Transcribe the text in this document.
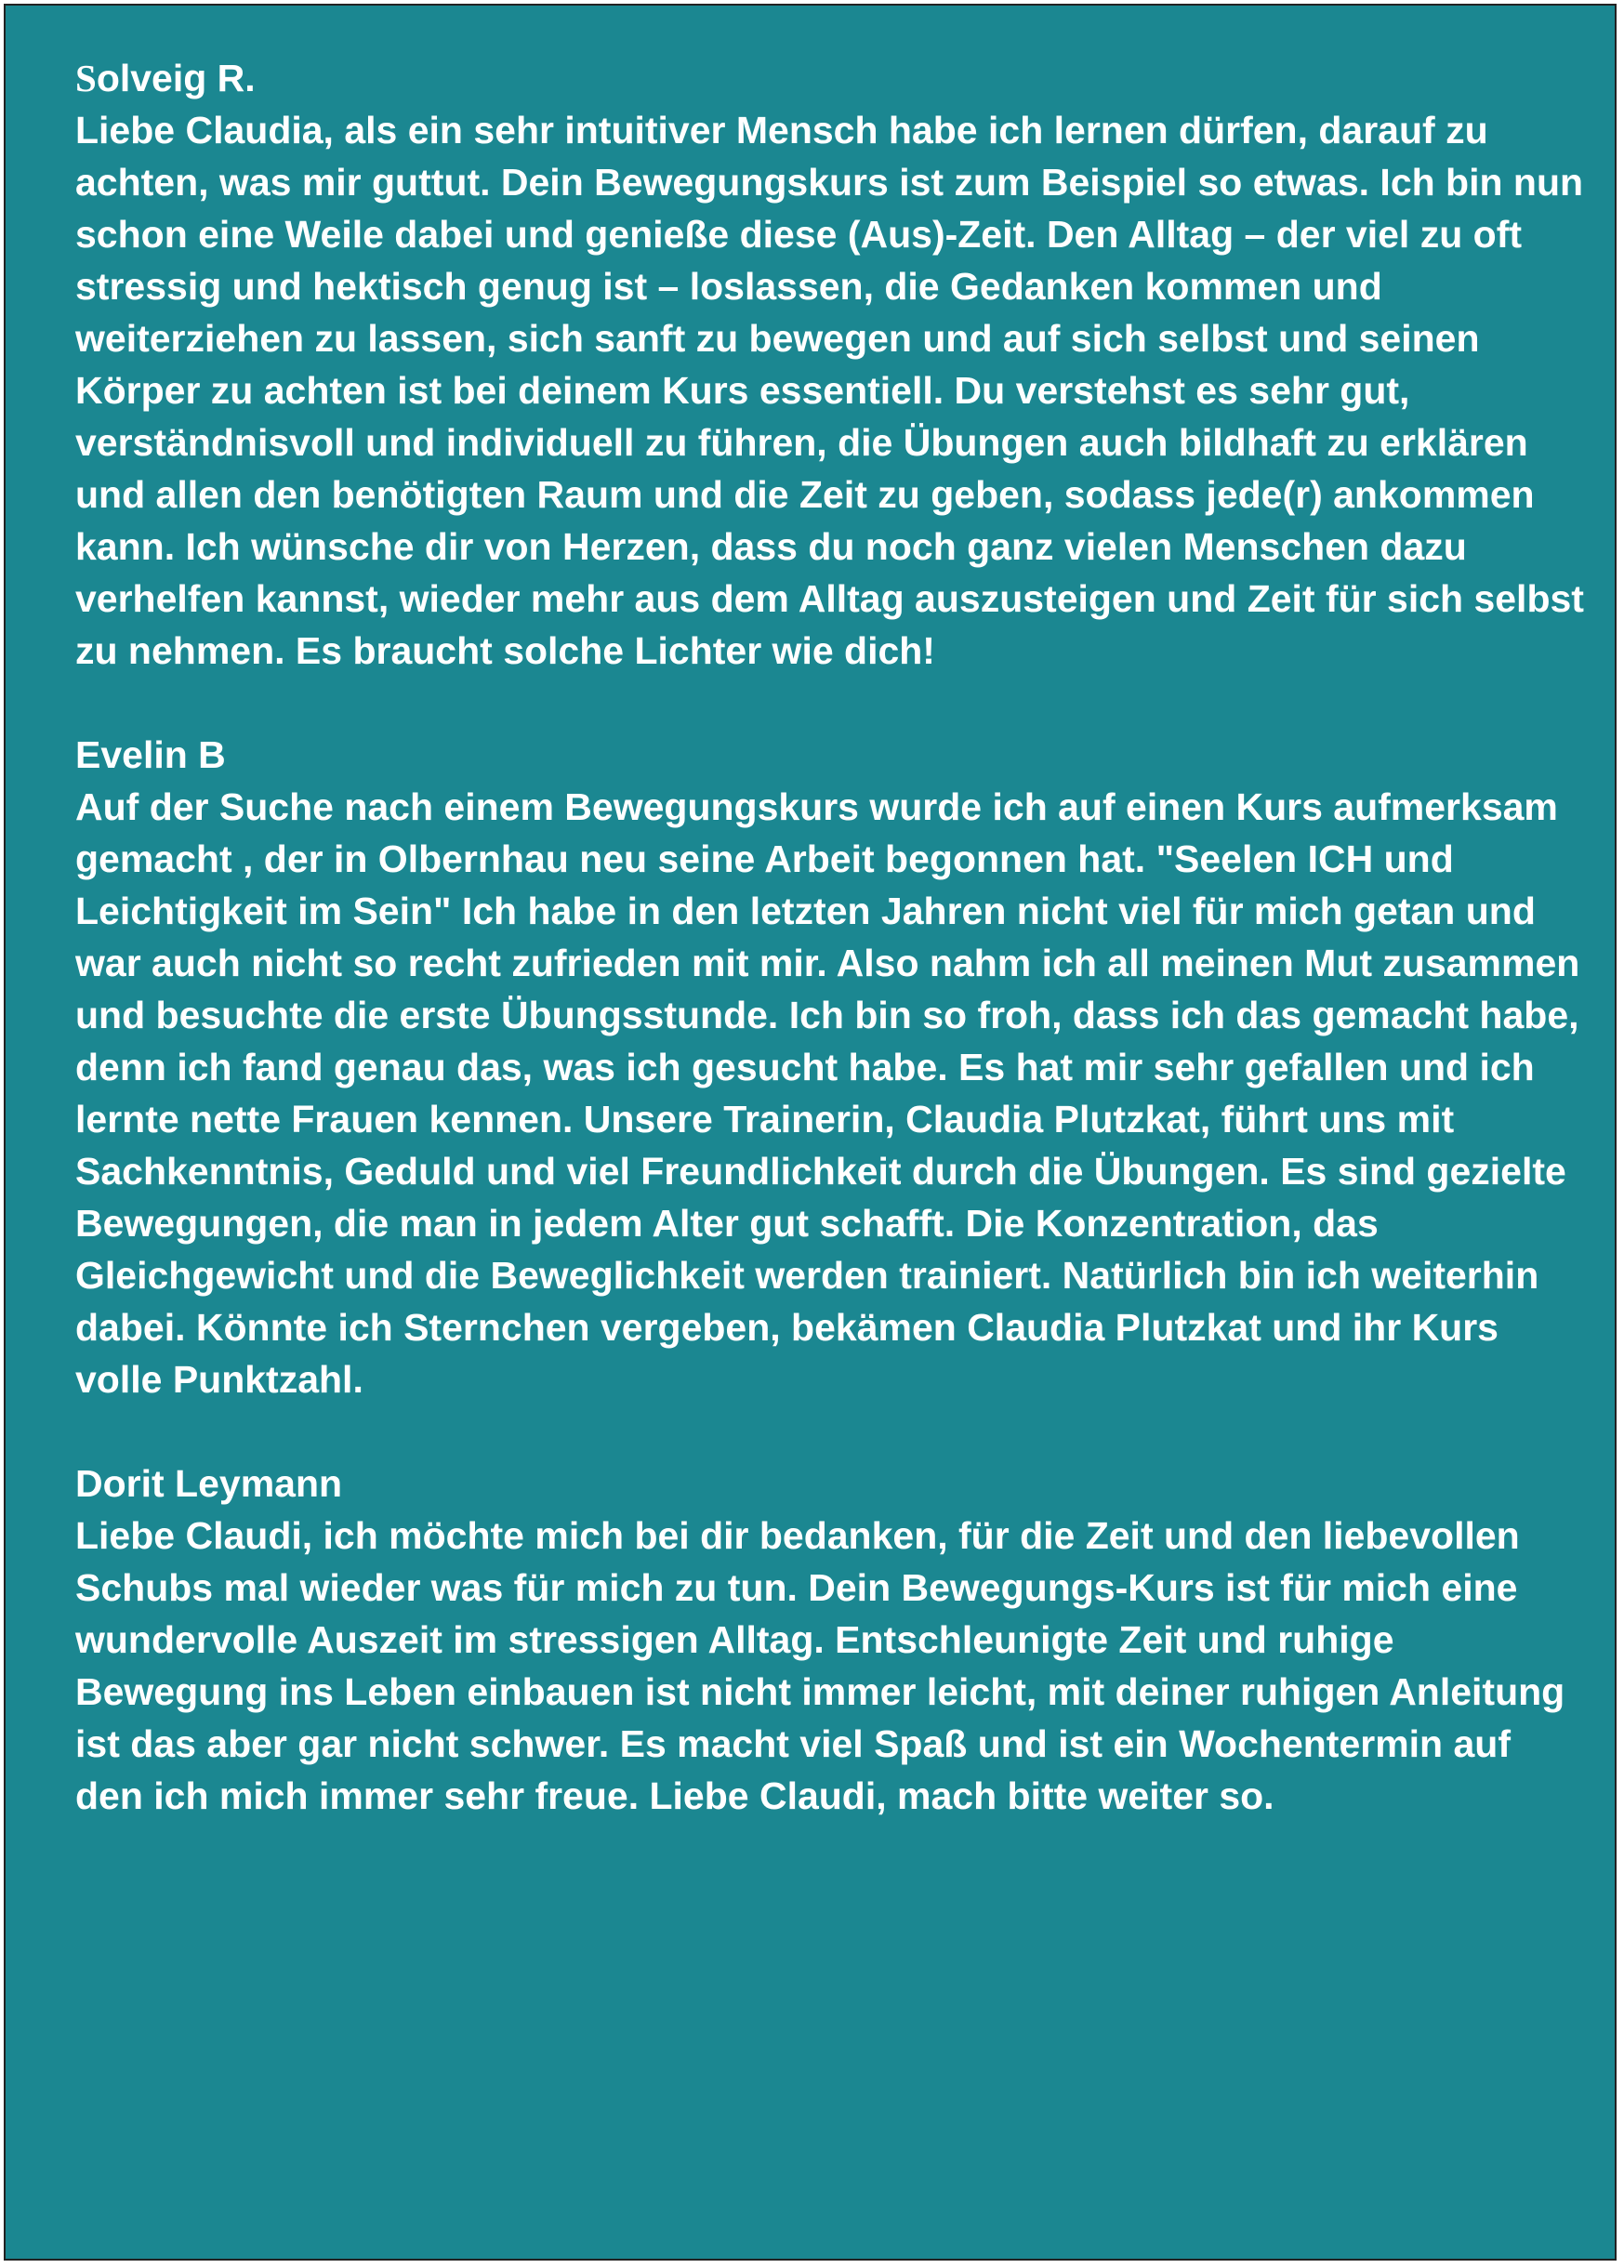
Solveig R.
Liebe Claudia, als ein sehr intuitiver Mensch habe ich lernen dürfen, darauf zu achten, was mir guttut. Dein Bewegungskurs ist zum Beispiel so etwas. Ich bin nun schon eine Weile dabei und genieße diese (Aus)-Zeit. Den Alltag – der viel zu oft stressig und hektisch genug ist – loslassen, die Gedanken kommen und weiterziehen zu lassen, sich sanft zu bewegen und auf sich selbst und seinen Körper zu achten ist bei deinem Kurs essentiell. Du verstehst es sehr gut, verständnisvoll und individuell zu führen, die Übungen auch bildhaft zu erklären und allen den benötigten Raum und die Zeit zu geben, sodass jede(r) ankommen kann. Ich wünsche dir von Herzen, dass du noch ganz vielen Menschen dazu verhelfen kannst, wieder mehr aus dem Alltag auszusteigen und Zeit für sich selbst zu nehmen. Es braucht solche Lichter wie dich!
Evelin B
Auf der Suche nach einem Bewegungskurs wurde ich auf einen Kurs aufmerksam gemacht , der in Olbernhau neu seine Arbeit begonnen hat. "Seelen ICH und Leichtigkeit im Sein" Ich habe in den letzten Jahren nicht viel für mich getan und war auch nicht so recht zufrieden mit mir. Also nahm ich all meinen Mut zusammen und besuchte die erste Übungsstunde. Ich bin so froh, dass ich das gemacht habe, denn ich fand genau das, was ich gesucht habe. Es hat mir sehr gefallen und ich lernte nette Frauen kennen. Unsere Trainerin, Claudia Plutzkat, führt uns mit Sachkenntnis, Geduld und viel Freundlichkeit durch die Übungen. Es sind gezielte Bewegungen, die man in jedem Alter gut schafft. Die Konzentration, das Gleichgewicht und die Beweglichkeit werden trainiert. Natürlich bin ich weiterhin dabei. Könnte ich Sternchen vergeben, bekämen Claudia Plutzkat und ihr Kurs volle Punktzahl.
Dorit Leymann
Liebe Claudi, ich möchte mich bei dir bedanken, für die Zeit und den liebevollen Schubs mal wieder was für mich zu tun. Dein Bewegungs-Kurs ist für mich eine wundervolle Auszeit im stressigen Alltag. Entschleunigte Zeit und ruhige Bewegung ins Leben einbauen ist nicht immer leicht, mit deiner ruhigen Anleitung ist das aber gar nicht schwer. Es macht viel Spaß und ist ein Wochentermin auf den ich mich immer sehr freue. Liebe Claudi, mach bitte weiter so.
